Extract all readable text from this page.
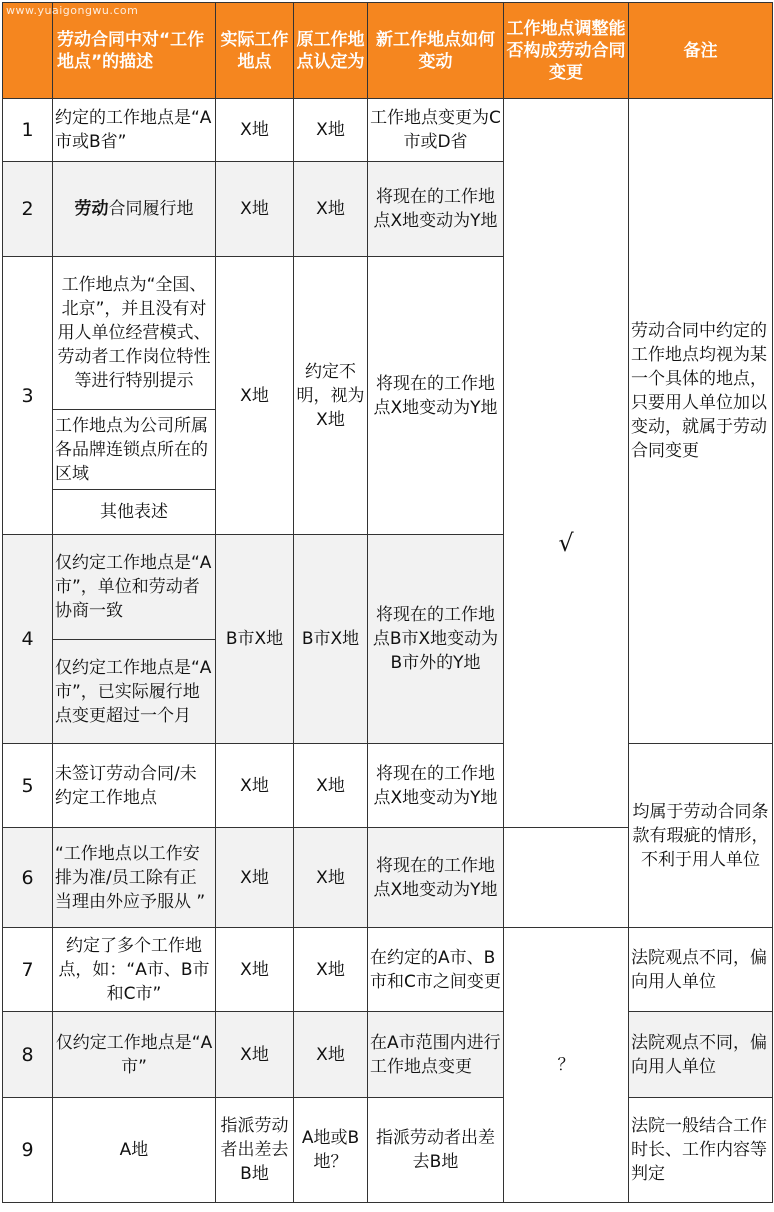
www.yuaigongwu.com
	劳动合同中对“工作地点”的描述	实际工作地点	原工作地点认定为	新工作地点如何变动	工作地点调整能否构成劳动合同变更	备注
1	约定的工作地点是“A市或B省”	X地	X地	工作地点变更为C市或D省	√	劳动合同中约定的工作地点均视为某一个具体的地点，只要用人单位加以变动，就属于劳动合同变更
2	劳动合同履行地	X地	X地	将现在的工作地点X地变动为Y地		
3	工作地点为“全国、北京”，并且没有对用人单位经营模式、劳动者工作岗位特性等进行特别提示	X地	约定不明，视为X地	将现在的工作地点X地变动为Y地		
	工作地点为公司所属各品牌连锁点所在的区域					
	其他表述					
4	仅约定工作地点是“A市”，单位和劳动者协商一致	B市X地	B市X地	将现在的工作地点B市X地变动为B市外的Y地		
	仅约定工作地点是“A市”，已实际履行地点变更超过一个月					
5	未签订劳动合同/未约定工作地点	X地	X地	将现在的工作地点X地变动为Y地		均属于劳动合同条款有瑕疵的情形，不利于用人单位
6	“工作地点以工作安排为准/员工除有正当理由外应予服从 ”	X地	X地	将现在的工作地点X地变动为Y地		
7	约定了多个工作地点，如：“A市、B市和C市”	X地	X地	在约定的A市、B市和C市之间变更	？	法院观点不同，偏向用人单位
8	仅约定工作地点是“A市”	X地	X地	在A市范围内进行工作地点变更		法院观点不同，偏向用人单位
9	A地	指派劳动者出差去B地	A地或B地？	指派劳动者出差去B地		法院一般结合工作时长、工作内容等判定
